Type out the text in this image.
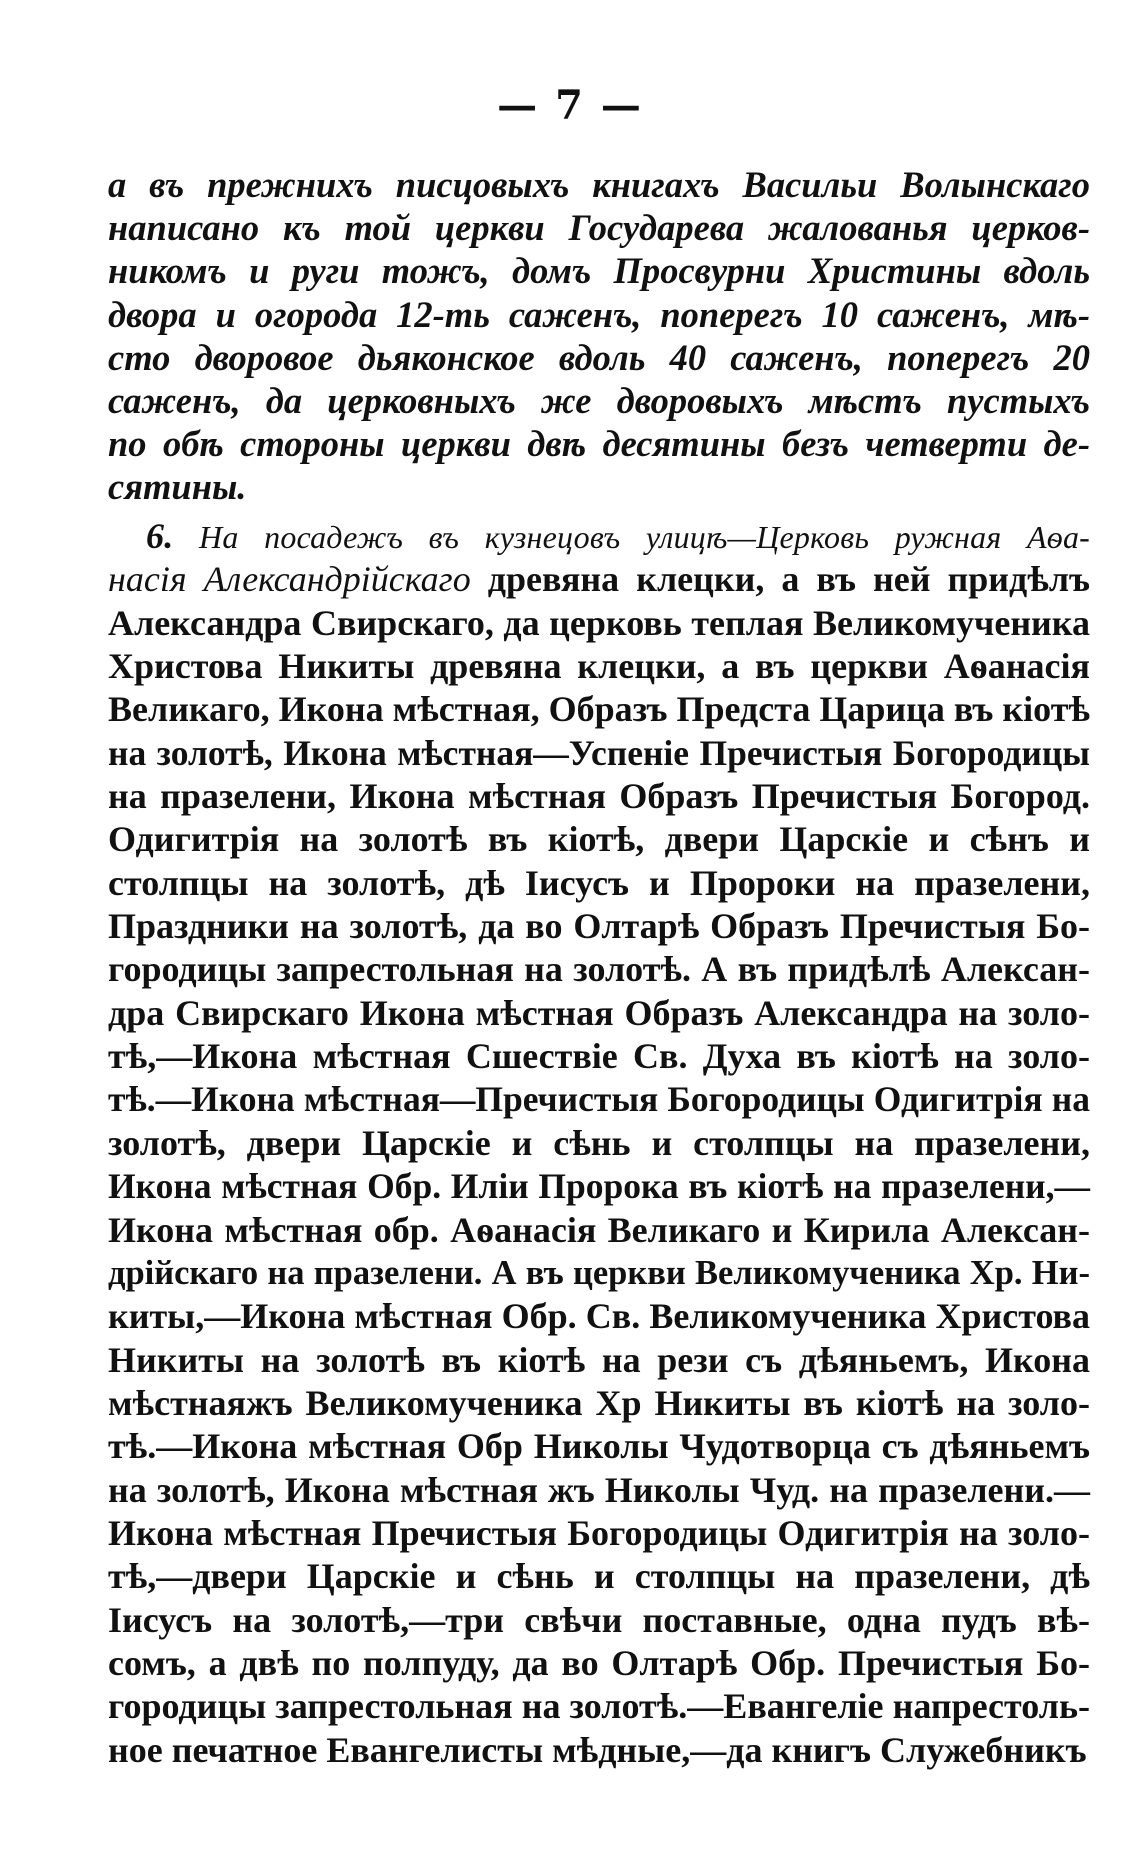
— 7 —
а въ прежнихъ писцовыхъ книгахъ Васильи Волынскаго
написано къ той церкви Государева жалованья церков-
никомъ и руги тожъ, домъ Просвурни Христины вдоль
двора и огорода 12-ть саженъ, поперегъ 10 саженъ, мѣ-
сто дворовое дьяконское вдоль 40 саженъ, поперегъ 20
саженъ, да церковныхъ же дворовыхъ мѣстъ пустыхъ
по обѣ стороны церкви двѣ десятины безъ четверти де-
сятины.
6. На посадежъ въ кузнецовъ улицѣ—Церковь ружная Аѳа-
насія Александрійскаго древяна клецки, а въ ней придѣлъ
Александра Свирскаго, да церковь теплая Великомученика
Христова Никиты древяна клецки, а въ церкви Аѳанасія
Великаго, Икона мѣстная, Образъ Предста Царица въ кіотѣ
на золотѣ, Икона мѣстная—Успеніе Пречистыя Богородицы
на празелени, Икона мѣстная Образъ Пречистыя Богород.
Одигитрія на золотѣ въ кіотѣ, двери Царскіе и сѣнъ и
столпцы на золотѣ, дѣ Іисусъ и Пророки на празелени,
Праздники на золотѣ, да во Олтарѣ Образъ Пречистыя Бо-
городицы запрестольная на золотѣ. А въ придѣлѣ Алексан-
дра Свирскаго Икона мѣстная Образъ Александра на золо-
тѣ,—Икона мѣстная Сшествіе Св. Духа въ кіотѣ на золо-
тѣ.—Икона мѣстная—Пречистыя Богородицы Одигитрія на
золотѣ, двери Царскіе и сѣнь и столпцы на празелени,
Икона мѣстная Обр. Иліи Пророка въ кіотѣ на празелени,—
Икона мѣстная обр. Аѳанасія Великаго и Кирила Алексан-
дрійскаго на празелени. А въ церкви Великомученика Хр. Ни-
киты,—Икона мѣстная Обр. Св. Великомученика Христова
Никиты на золотѣ въ кіотѣ на рези съ дѣяньемъ, Икона
мѣстнаяжъ Великомученика Хр Никиты въ кіотѣ на золо-
тѣ.—Икона мѣстная Обр Николы Чудотворца съ дѣяньемъ
на золотѣ, Икона мѣстная жъ Николы Чуд. на празелени.—
Икона мѣстная Пречистыя Богородицы Одигитрія на золо-
тѣ,—двери Царскіе и сѣнь и столпцы на празелени, дѣ
Іисусъ на золотѣ,—три свѣчи поставные, одна пудъ вѣ-
сомъ, а двѣ по полпуду, да во Олтарѣ Обр. Пречистыя Бо-
городицы запрестольная на золотѣ.—Евангеліе напрестоль-
ное печатное Евангелисты мѣдные,—да книгъ Служебникъ
